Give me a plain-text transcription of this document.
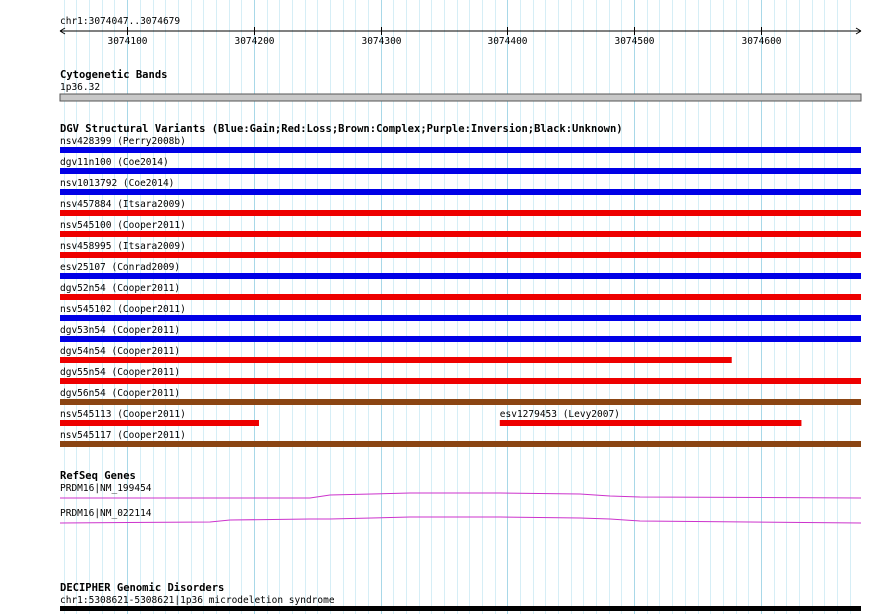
chr1:3074047..3074679
3074100	3074200	3074300	3074400	3074500	3074600
Cytogenetic Bands
1p36.32
DGV Structural Variants (Blue:Gain;Red:Loss;Brown:Complex;Purple:Inversion;Black:Unknown)
nsv428399 (Perry2008b)
dgv11n100 (Coe2014)
nsv1013792 (Coe2014)
nsv457884 (Itsara2009)
nsv545100 (Cooper2011)
nsv458995 (Itsara2009)
esv25107 (Conrad2009)
dgv52n54 (Cooper2011)
nsv545102 (Cooper2011)
dgv53n54 (Cooper2011)
dgv54n54 (Cooper2011)
dgv55n54 (Cooper2011)
dgv56n54 (Cooper2011)
nsv545113 (Cooper2011)	esv1279453 (Levy2007)
nsv545117 (Cooper2011)
RefSeq Genes
PRDM16|NM_199454
PRDM16|NM_022114
DECIPHER Genomic Disorders
chr1:5308621-5308621|1p36 microdeletion syndrome
